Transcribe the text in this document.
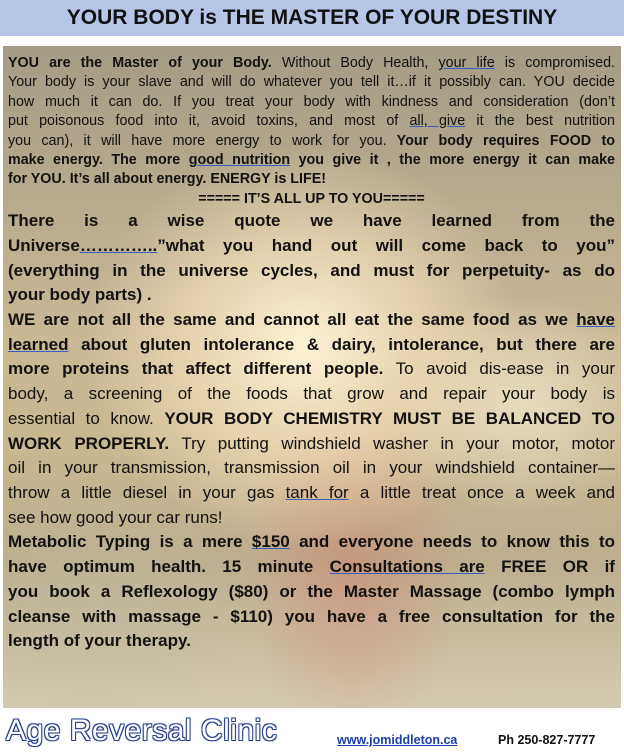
YOUR BODY is THE MASTER OF YOUR DESTINY
YOU are the Master of your Body. Without Body Health, your life is compromised.
Your body is your slave and will do whatever you tell it…if it possibly can. YOU decide
how much it can do. If you treat your body with kindness and consideration (don’t
put poisonous food into it, avoid toxins, and most of all, give it the best nutrition
you can), it will have more energy to work for you. Your body requires FOOD to
make energy. The more good nutrition you give it , the more energy it can make
for YOU. It’s all about energy. ENERGY is LIFE!
===== IT’S ALL UP TO YOU=====
There is a wise quote we have learned from the
Universe…………..”what you hand out will come back to you”
(everything in the universe cycles, and must for perpetuity- as do
your body parts) .
WE are not all the same and cannot all eat the same food as we have
learned about gluten intolerance & dairy, intolerance, but there are
more proteins that affect different people. To avoid dis-ease in your
body, a screening of the foods that grow and repair your body is
essential to know. YOUR BODY CHEMISTRY MUST BE BALANCED TO
WORK PROPERLY. Try putting windshield washer in your motor, motor
oil in your transmission, transmission oil in your windshield container—
throw a little diesel in your gas tank for a little treat once a week and
see how good your car runs!
Metabolic Typing is a mere $150 and everyone needs to know this to
have optimum health. 15 minute Consultations are FREE OR if
you book a Reflexology ($80) or the Master Massage (combo lymph
cleanse with massage - $110) you have a free consultation for the
length of your therapy.
Age Reversal Clinic	www.jomiddleton.ca	Ph 250-827-7777
